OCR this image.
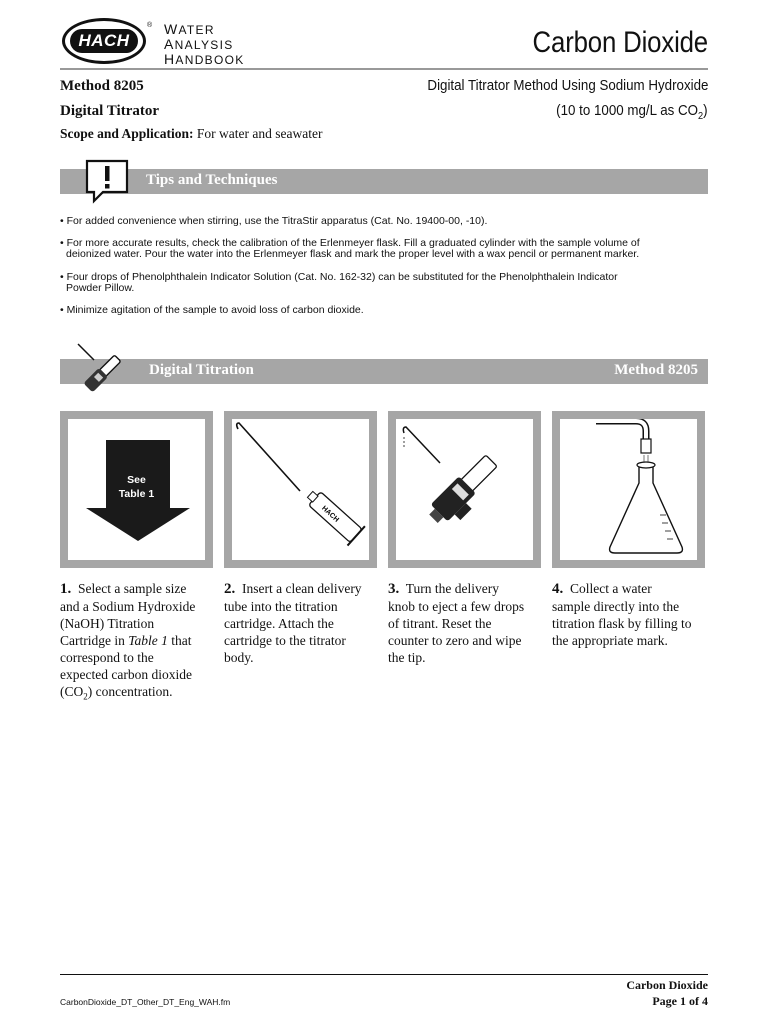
HACH
® WATER
ANALYSIS
HANDBOOK
Carbon Dioxide
Method 8205	Digital Titrator Method Using Sodium Hydroxide
Digital Titrator	(10 to 1000 mg/L as $CO_2$)
Scope and Application: For water and seawater
Tips and Techniques
• For added convenience when stirring, use the TitraStir apparatus (Cat. No. 19400-00, -10).
• For more accurate results, check the calibration of the Erlenmeyer flask. Fill a graduated cylinder with the sample volume of
deionized water. Pour the water into the Erlenmeyer flask and mark the proper level with a wax pencil or permanent marker.
• Four drops of Phenolphthalein Indicator Solution (Cat. No. 162-32) can be substituted for the Phenolphthalein Indicator
Powder Pillow.
• Minimize agitation of the sample to avoid loss of carbon dioxide.
Digital Titration	Method 8205
See
Table 1
HACH
1. Select a sample size
and a Sodium Hydroxide
(NaOH) Titration
Cartridge in Table 1 that
correspond to the
expected carbon dioxide
$(CO_2)$ concentration.
2. Insert a clean delivery
tube into the titration
cartridge. Attach the
cartridge to the titrator
body.
3. Turn the delivery
knob to eject a few drops
of titrant. Reset the
counter to zero and wipe
the tip.
4. Collect a water
sample directly into the
titration flask by filling to
the appropriate mark.
Carbon Dioxide
Page 1 of 4
CarbonDioxide_DT_Other_DT_Eng_WAH.fm
